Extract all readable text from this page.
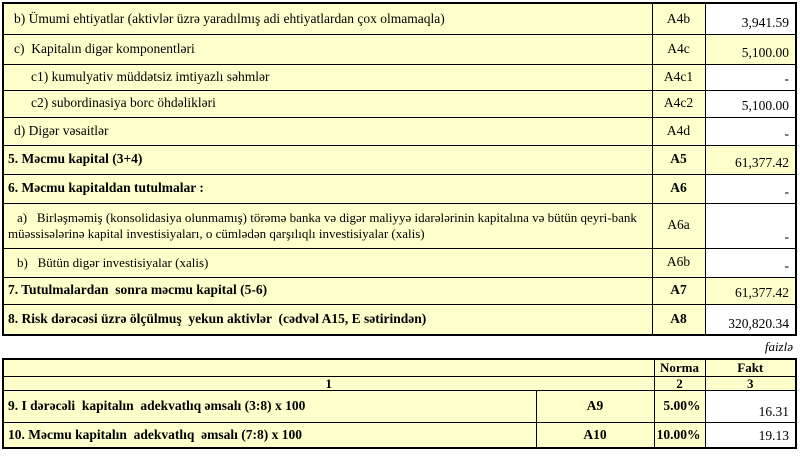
b) Ümumi ehtiyatlar (aktivlər üzrə yaradılmış adi ehtiyatlardan çox olmamaqla)	A4b	3,941.59
c)  Kapitalın digər komponentləri	A4c	5,100.00
c1) kumulyativ müddətsiz imtiyazlı səhmlər	A4c1	-
c2) subordinasiya borc öhdəlikləri	A4c2	5,100.00
d) Digər vəsaitlər	A4d	-
5. Məcmu kapital (3+4)	A5	61,377.42
6. Məcmu kapitaldan tutulmalar :	A6	-
a)   Birləşməmiş (konsolidasiya olunmamış) törəmə banka və digər maliyyə idarələrinin kapitalına və bütün qeyri-bank müəssisələrinə kapital investisiyaları, o cümlədən qarşılıqlı investisiyalar (xalis)	A6a	-
b)   Bütün digər investisiyalar (xalis)	A6b	-
7. Tutulmalardan  sonra məcmu kapital (5-6)	A7	61,377.42
8. Risk dərəcəsi üzrə ölçülmuş  yekun aktivlər  (cədvəl A15, E sətirindən)	A8	320,820.34
faizlə
		Norma	Fakt
1		2	3
9. I dərəcəli  kapitalın  adekvatlıq əmsalı (3:8) x 100	A9	5.00%	16.31
10. Məcmu kapitalın  adekvatlıq  əmsalı (7:8) x 100	A10	10.00%	19.13
